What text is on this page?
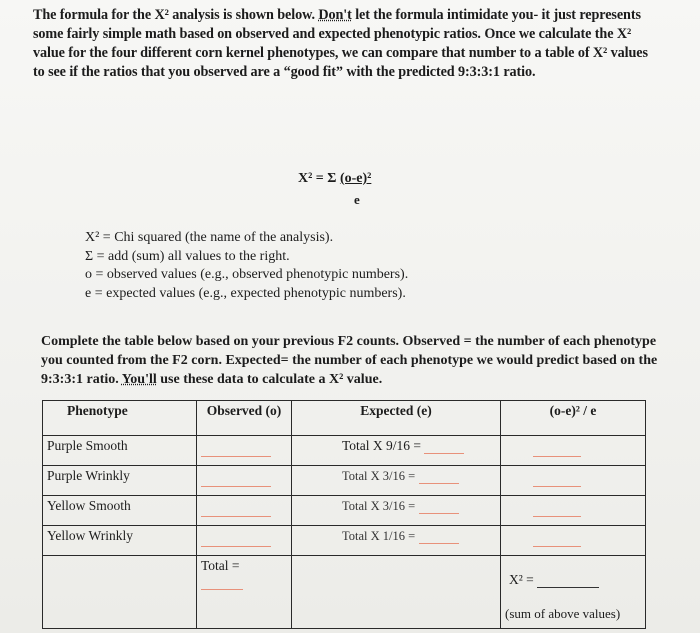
The formula for the X² analysis is shown below. Don't let the formula intimidate you- it just represents some fairly simple math based on observed and expected phenotypic ratios. Once we calculate the X² value for the four different corn kernel phenotypes, we can compare that number to a table of X² values to see if the ratios that you observed are a “good fit” with the predicted 9:3:3:1 ratio.
X² = Σ (o-e)²
e
X² = Chi squared (the name of the analysis).
Σ = add (sum) all values to the right.
o = observed values (e.g., observed phenotypic numbers).
e = expected values (e.g., expected phenotypic numbers).
Complete the table below based on your previous F2 counts. Observed = the number of each phenotype you counted from the F2 corn. Expected= the number of each phenotype we would predict based on the 9:3:3:1 ratio. You'll use these data to calculate a X² value.
Phenotype	Observed (o)	Expected (e)	(o-e)² / e
Purple Smooth		Total X 9/16 =	
Purple Wrinkly		Total X 3/16 =	
Yellow Smooth		Total X 3/16 =	
Yellow Wrinkly		Total X 1/16 =	

	Total =		X² =
(sum of above values)
